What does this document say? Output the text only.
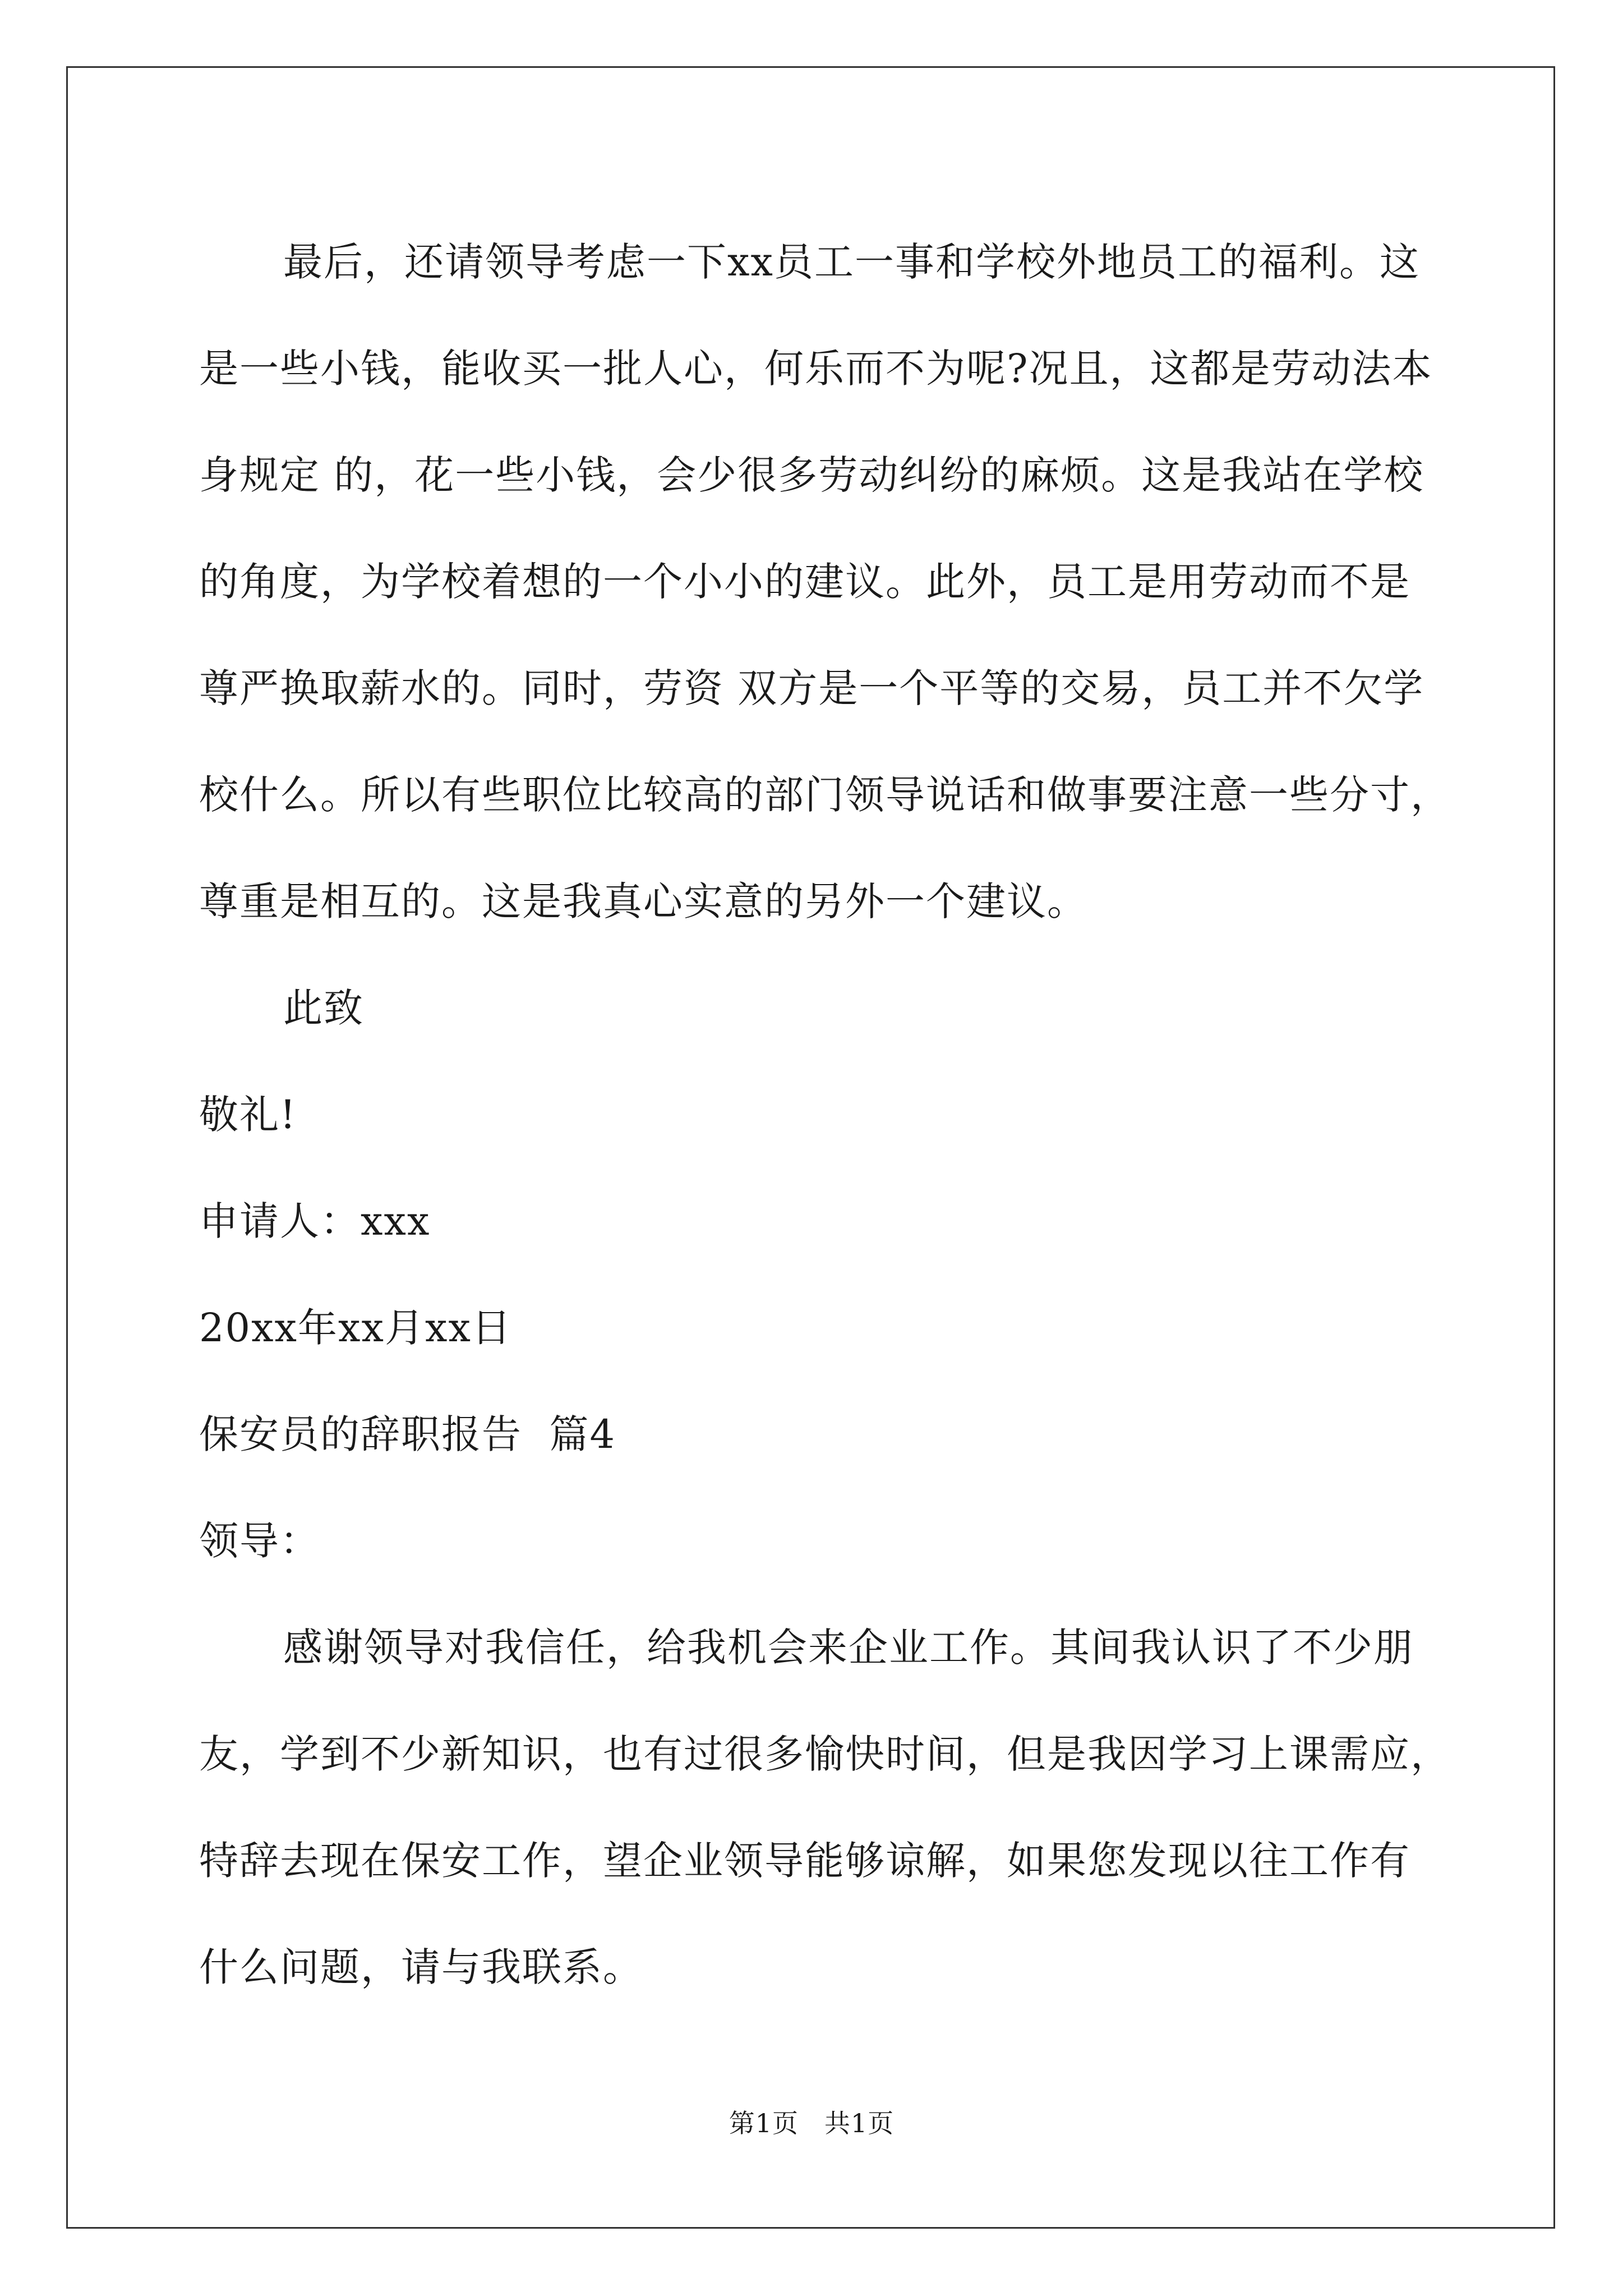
最后，还请领导考虑一下xx员工一事和学校外地员工的福利。这
是一些小钱，能收买一批人心，何乐而不为呢?况且，这都是劳动法本
身规定 的，花一些小钱，会少很多劳动纠纷的麻烦。这是我站在学校
的角度，为学校着想的一个小小的建议。此外，员工是用劳动而不是
尊严换取薪水的。同时，劳资 双方是一个平等的交易，员工并不欠学
校什么。所以有些职位比较高的部门领导说话和做事要注意一些分寸，
尊重是相互的。这是我真心实意的另外一个建议。
此致
敬礼!
申请人：xxx
20xx年xx月xx日
保安员的辞职报告  篇4
领导：
感谢领导对我信任，给我机会来企业工作。其间我认识了不少朋
友，学到不少新知识，也有过很多愉快时间，但是我因学习上课需应，
特辞去现在保安工作，望企业领导能够谅解，如果您发现以往工作有
什么问题，请与我联系。
第1页 共1页
